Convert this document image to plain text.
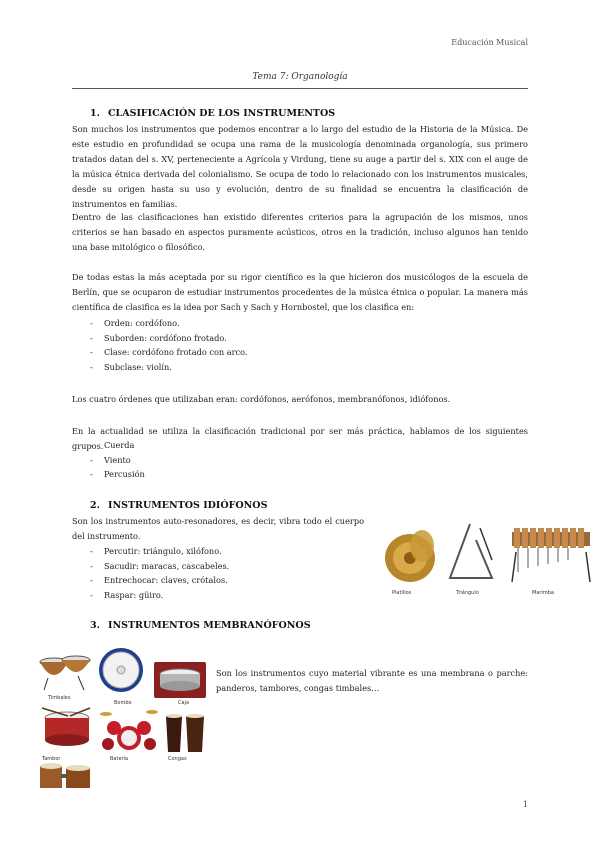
Educación Musical
Tema 7: Organología
1. CLASIFICACIÓN DE LOS INSTRUMENTOS
Son muchos los instrumentos que podemos encontrar a lo largo del estudio de la Historia de la Música. De este estudio en profundidad se ocupa una rama de la musicología denominada organología, sus primero tratados datan del s. XV, perteneciente a Agrícola y Virdung, tiene su auge a partir del s. XIX con el auge de la música étnica derivada del colonialismo. Se ocupa de todo lo relacionado con los instrumentos musicales, desde su origen hasta su uso y evolución, dentro de su finalidad se encuentra la clasificación de instrumentos en familias.
Dentro de las clasificaciones han existido diferentes criterios para la agrupación de los mismos, unos criterios se han basado en aspectos puramente acústicos, otros en la tradición, incluso algunos han tenido una base mitológico o filosófico.
De todas estas la más aceptada por su rigor científico es la que hicieron dos musicólogos de la escuela de Berlín, que se ocuparon de estudiar instrumentos procedentes de la música étnica o popular. La manera más científica de clasifica es la idea por Sach y Sach y Hornbostel, que los clasifica en:
- Orden: cordófono.
- Suborden: cordófono frotado.
- Clase: cordófono frotado con arco.
- Subclase: violín.
Los cuatro órdenes que utilizaban eran: cordófonos, aerófonos, membranófonos, idiófonos.
En la actualidad se utiliza la clasificación tradicional por ser más práctica, hablamos de los siguientes grupos. - Cuerda
- Viento
- Percusión
2. INSTRUMENTOS IDIÓFONOS
Son los instrumentos auto-resonadores, es decir, vibra todo el cuerpo del instrumento.
- Percutir: triángulo, xilófono.
- Sacudir: maracas, cascabeles.
- Entrechocar: claves, crótalos.
- Raspar: güiro.	Platillos	Triángulo	Marimba
3. INSTRUMENTOS MEMBRANÓFONOS
Son los instrumentos cuyo material vibrante es una membrana o parche: panderos, tambores, congas timbales…
Timbales
Bombo	Caja
Tambor	Batería	Congas
1
